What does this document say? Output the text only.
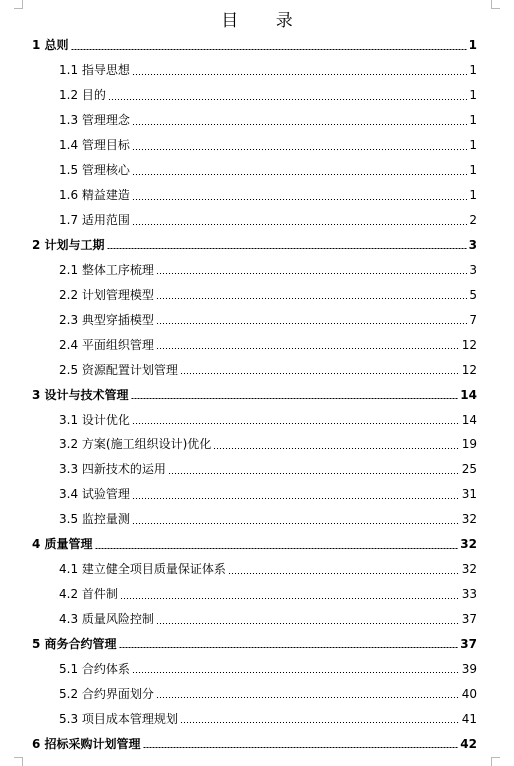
目 录
1 总则	1
1.1 指导思想	1
1.2 目的	1
1.3 管理理念	1
1.4 管理目标	1
1.5 管理核心	1
1.6 精益建造	1
1.7 适用范围	2
2 计划与工期	3
2.1 整体工序梳理	3
2.2 计划管理模型	5
2.3 典型穿插模型	7
2.4 平面组织管理	12
2.5 资源配置计划管理	12
3 设计与技术管理	14
3.1 设计优化	14
3.2 方案(施工组织设计)优化	19
3.3 四新技术的运用	25
3.4 试验管理	31
3.5 监控量测	32
4 质量管理	32
4.1 建立健全项目质量保证体系	32
4.2 首件制	33
4.3 质量风险控制	37
5 商务合约管理	37
5.1 合约体系	39
5.2 合约界面划分	40
5.3 项目成本管理规划	41
6 招标采购计划管理	42
